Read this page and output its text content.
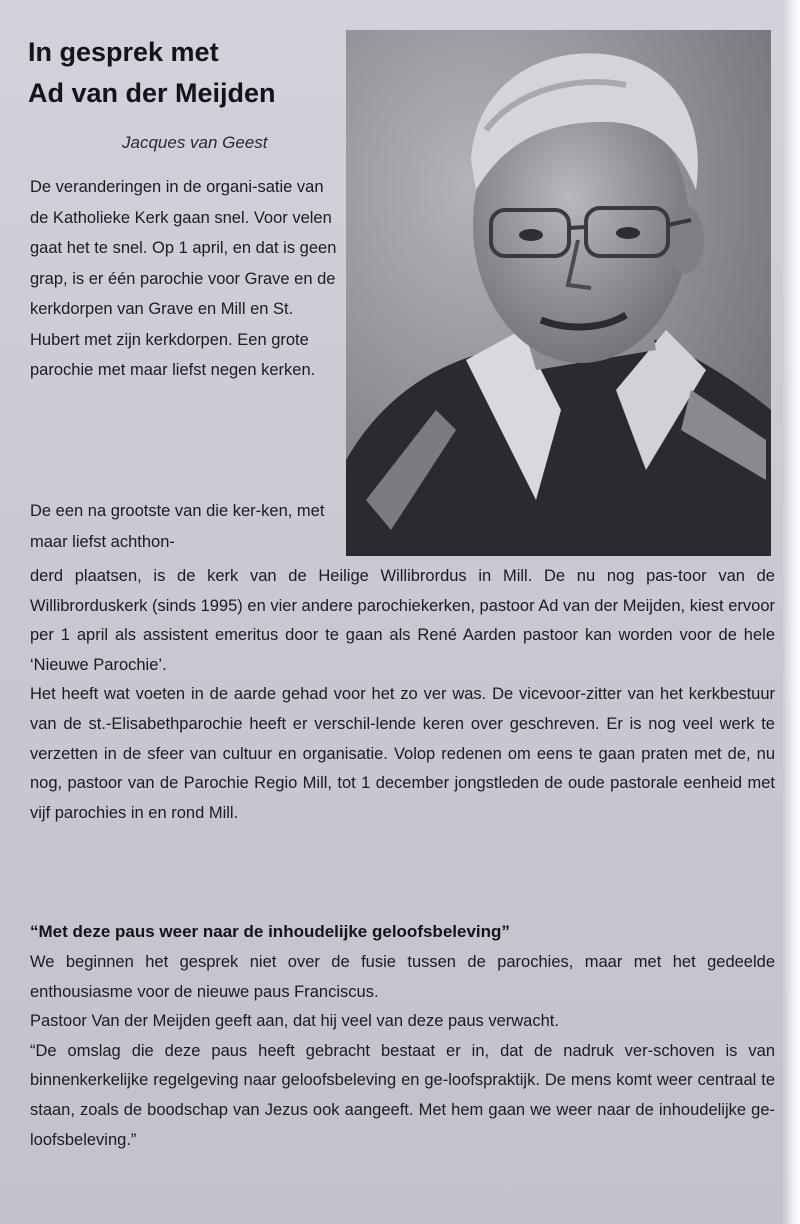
In gesprek met
Ad van der Meijden
Jacques van Geest

De veranderingen in de organi-satie van de Katholieke Kerk gaan snel. Voor velen gaat het te snel. Op 1 april, en dat is geen grap, is er één parochie voor Grave en de kerkdorpen van Grave en Mill en St. Hubert met zijn kerkdorpen. Een grote parochie met maar liefst negen kerken.

De een na grootste van die ker-ken, met maar liefst achthon-

derd plaatsen, is de kerk van de Heilige Willibrordus in Mill. De nu nog pas-toor van de Willibrorduskerk (sinds 1995) en vier andere parochiekerken, pastoor Ad van der Meijden, kiest ervoor per 1 april als assistent emeritus door te gaan als René Aarden pastoor kan worden voor de hele ‘Nieuwe Parochie’.

Het heeft wat voeten in de aarde gehad voor het zo ver was. De vicevoor-zitter van het kerkbestuur van de st.-Elisabethparochie heeft er verschil-lende keren over geschreven. Er is nog veel werk te verzetten in de sfeer van cultuur en organisatie. Volop redenen om eens te gaan praten met de, nu nog, pastoor van de Parochie Regio Mill, tot 1 december jongstleden de oude pastorale eenheid met vijf parochies in en rond Mill.

“Met deze paus weer naar de inhoudelijke geloofsbeleving”

We beginnen het gesprek niet over de fusie tussen de parochies, maar met het gedeelde enthousiasme voor de nieuwe paus Franciscus.

Pastoor Van der Meijden geeft aan, dat hij veel van deze paus verwacht.

“De omslag die deze paus heeft gebracht bestaat er in, dat de nadruk ver-schoven is van binnenkerkelijke regelgeving naar geloofsbeleving en ge-loofspraktijk. De mens komt weer centraal te staan, zoals de boodschap van Jezus ook aangeeft. Met hem gaan we weer naar de inhoudelijke ge-loofsbeleving.”
